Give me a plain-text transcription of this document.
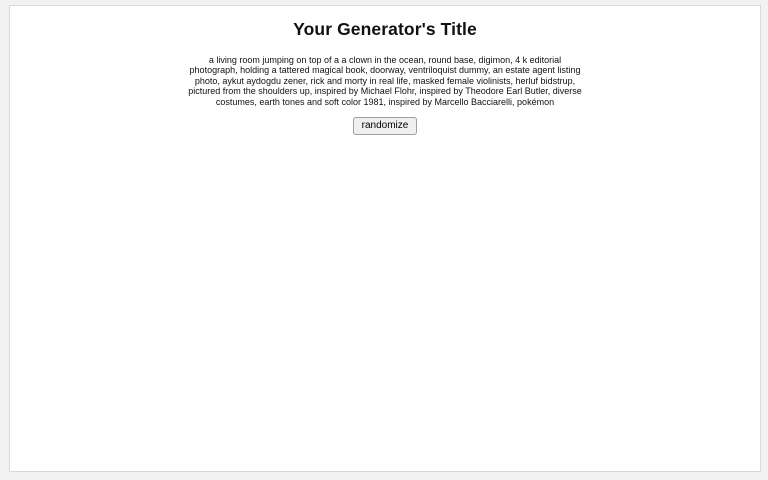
Your Generator's Title

a living room jumping on top of a a clown in the ocean, round base, digimon, 4 k editorial photograph, holding a tattered magical book, doorway, ventriloquist dummy, an estate agent listing photo, aykut aydogdu zener, rick and morty in real life, masked female violinists, herluf bidstrup, pictured from the shoulders up, inspired by Michael Flohr, inspired by Theodore Earl Butler, diverse costumes, earth tones and soft color 1981, inspired by Marcello Bacciarelli, pokémon

randomize
